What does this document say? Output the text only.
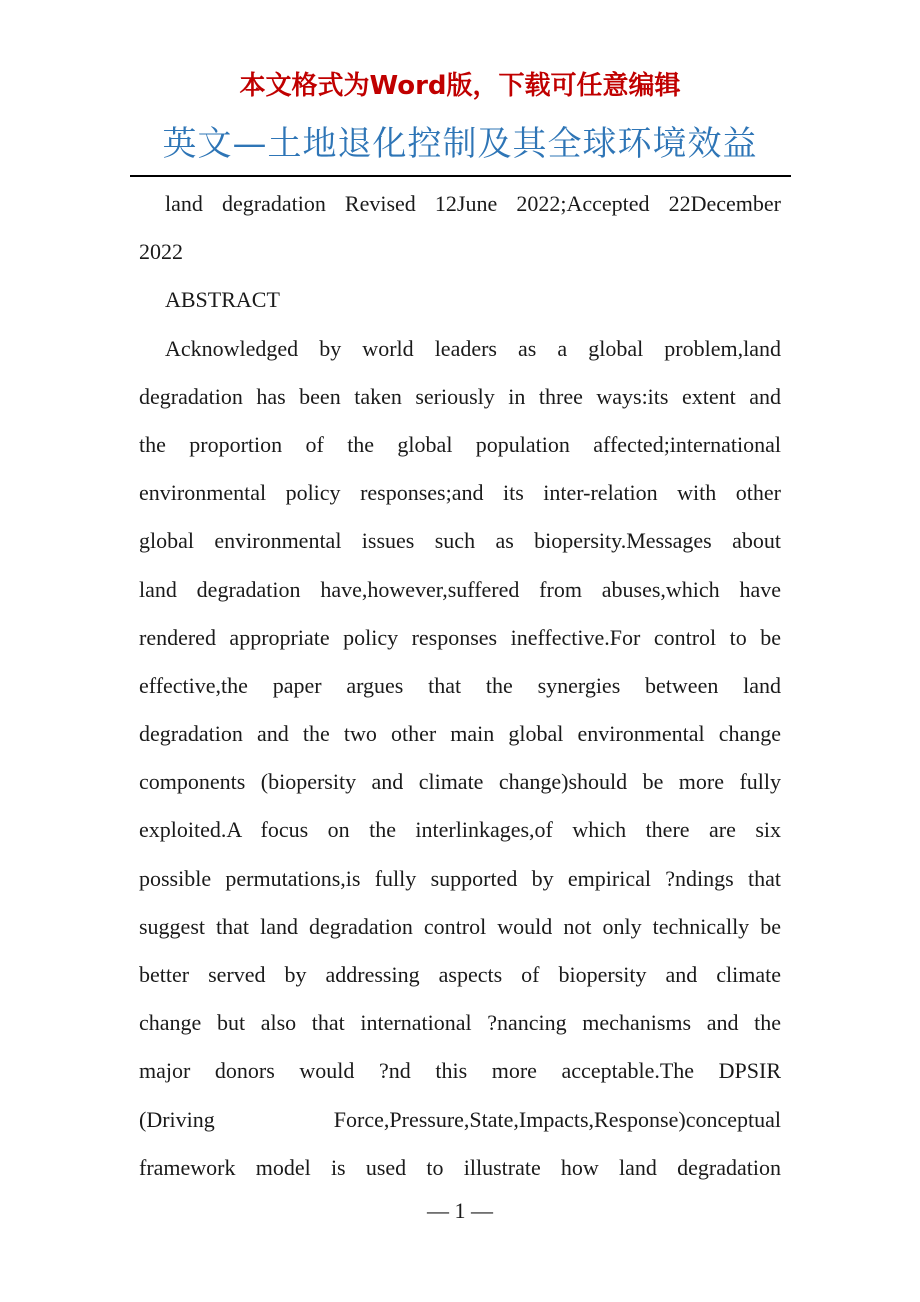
本文格式为Word版，下载可任意编辑
英文—土地退化控制及其全球环境效益
land degradation Revised 12June 2022;Accepted 22December
2022
ABSTRACT
Acknowledged by world leaders as a global problem,land
degradation has been taken seriously in three ways:its extent and
the proportion of the global population affected;international
environmental policy responses;and its inter-relation with other
global environmental issues such as biopersity.Messages about
land degradation have,however,suffered from abuses,which have
rendered appropriate policy responses ineffective.For control to be
effective,the paper argues that the synergies between land
degradation and the two other main global environmental change
components (biopersity and climate change)should be more fully
exploited.A focus on the interlinkages,of which there are six
possible permutations,is fully supported by empirical ?ndings that
suggest that land degradation control would not only technically be
better served by addressing aspects of biopersity and climate
change but also that international ?nancing mechanisms and the
major donors would ?nd this more acceptable.The DPSIR
(Driving Force,Pressure,State,Impacts,Response)conceptual
framework model is used to illustrate how land degradation
— 1 —
